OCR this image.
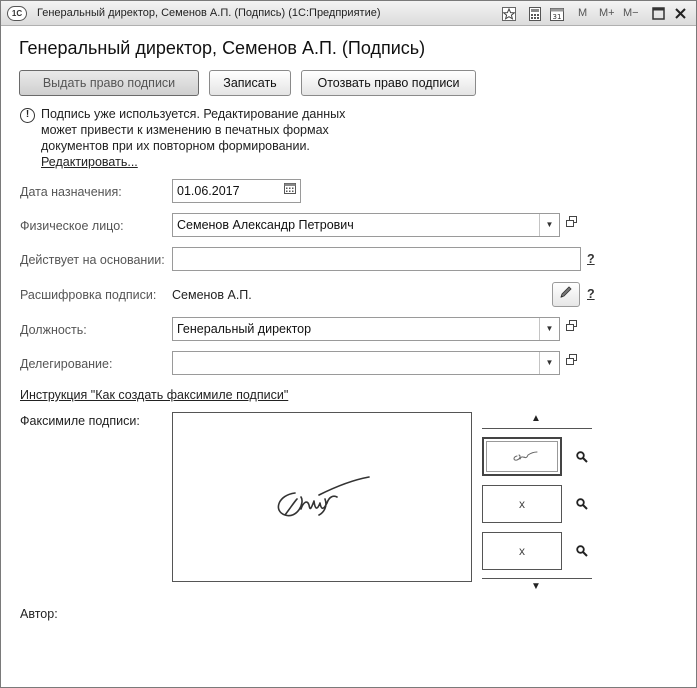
1С	Генеральный директор, Семенов А.П. (Подпись) (1С:Предприятие)	31 M M+ M−
Генеральный директор, Семенов А.П. (Подпись)
Выдать право подписи	Записать	Отозвать право подписи
! Подпись уже используется. Редактирование данных
может привести к изменению в печатных формах
документов при их повторном формировании.
Редактировать...
Дата назначения:	01.06.2017
Физическое лицо:	Семенов Александр Петрович	▼
Действует на основании:	?
Расшифровка подписи: Семенов А.П.	?
Должность:	Генеральный директор	▼
Делегирование:	▼
Инструкция "Как создать факсимиле подписи"
Факсимиле подписи:	▲
x
x
▼
Автор:
